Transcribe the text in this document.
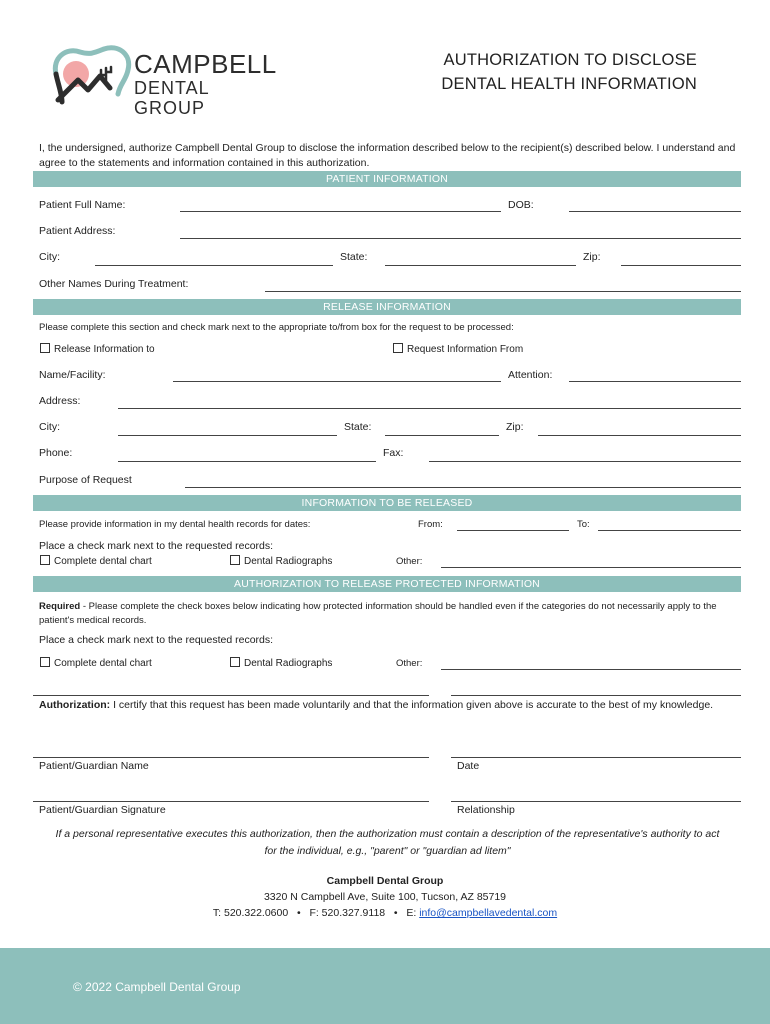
CAMPBELL
DENTAL GROUP
AUTHORIZATION TO DISCLOSE
DENTAL HEALTH INFORMATION
I, the undersigned, authorize Campbell Dental Group to disclose the information described below to the recipient(s) described below. I understand and agree to the statements and information contained in this authorization.
PATIENT INFORMATION
Patient Full Name:	DOB:
Patient Address:
City:	State:	Zip:
Other Names During Treatment:
RELEASE INFORMATION
Please complete this section and check mark next to the appropriate to/from box for the request to be processed:
Release Information to	Request Information From
Name/Facility:	Attention:
Address:
City:	State:	Zip:
Phone:	Fax:
Purpose of Request
INFORMATION TO BE RELEASED
Please provide information in my dental health records for dates:	From:	To:
Place a check mark next to the requested records:
Complete dental chart	Dental Radiographs	Other:
AUTHORIZATION TO RELEASE PROTECTED INFORMATION
Required - Please complete the check boxes below indicating how protected information should be handled even if the categories do not necessarily apply to the patient's medical records.
Place a check mark next to the requested records:
Complete dental chart	Dental Radiographs	Other:
Authorization: I certify that this request has been made voluntarily and that the information given above is accurate to the best of my knowledge.
Patient/Guardian Name	Date
Patient/Guardian Signature	Relationship
If a personal representative executes this authorization, then the authorization must contain a description of the representative's authority to act for the individual, e.g., "parent" or "guardian ad litem"
Campbell Dental Group
3320 N Campbell Ave, Suite 100, Tucson, AZ 85719
T: 520.322.0600 • F: 520.327.9118 • E: info@campbellavedental.com
© 2022 Campbell Dental Group
